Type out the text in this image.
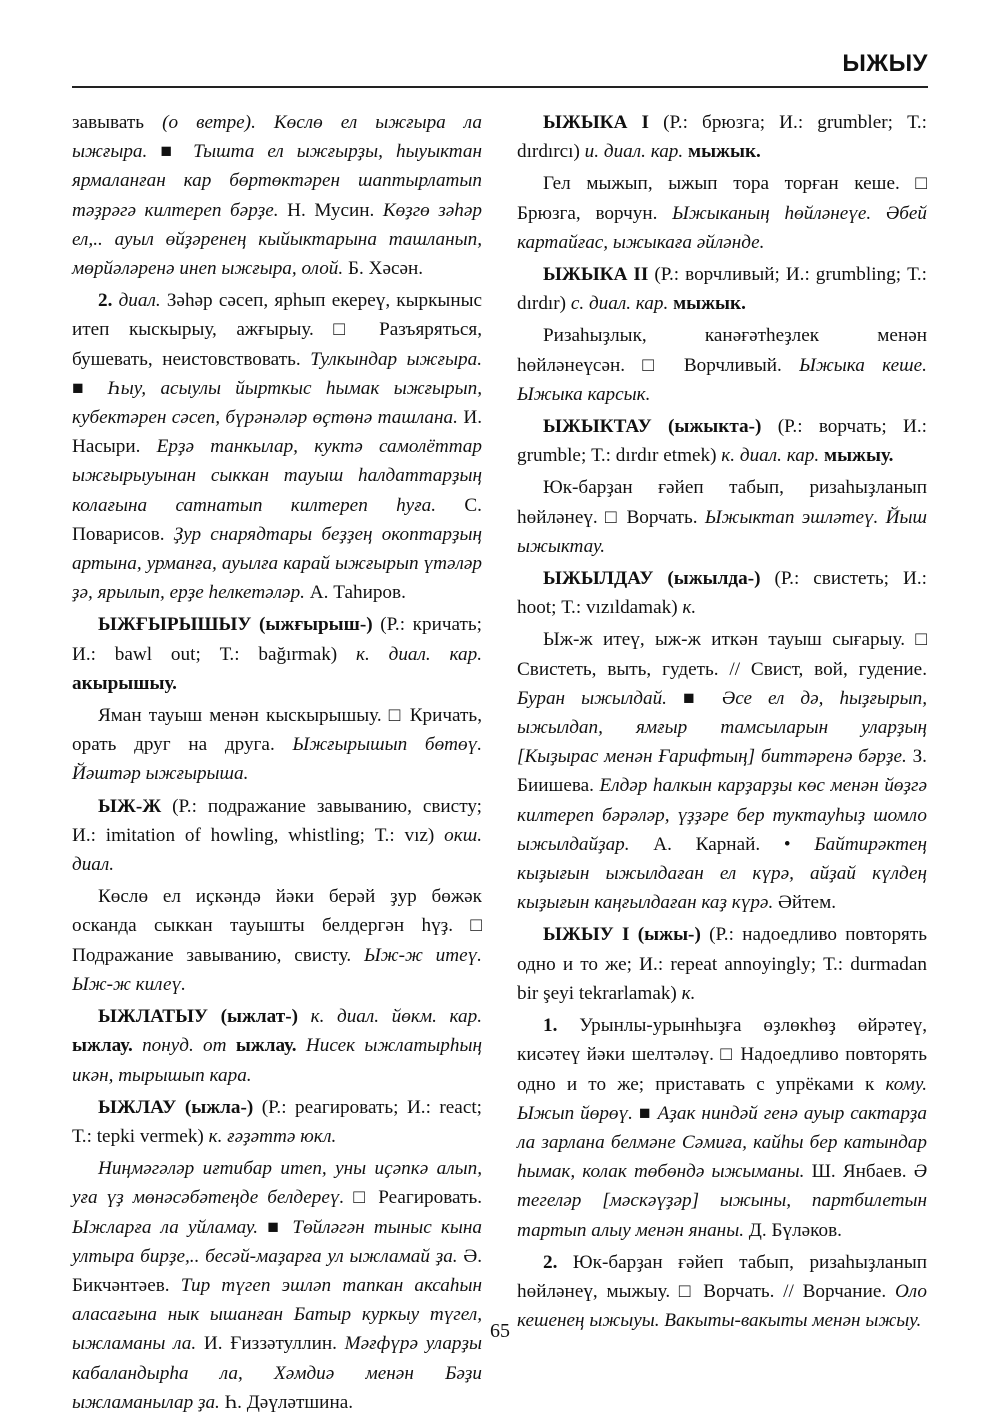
ЫЖЫУ

завывать (о ветре). Көслө ел ыжғыра ла ыжғыра. ■ Тышта ел ыжғырҙы, һыуыктан ярмаланған кар бөртөктәрен шаптырлатып тәҙрәгә килтереп бәрҙе. Н. Мусин. Көҙгө зәһәр ел,.. ауыл өйҙәренең кыйыктарына ташланып, мөрйәләренә инеп ыжғыра, олой. Б. Хәсән.

2. диал. Зәһәр сәсеп, ярһып екереү, кыркыныс итеп кыскырыу, ажғырыу. □ Разъяряться, бушевать, неистовствовать. Тулкындар ыжғыра. ■ Һыу, асыулы йырткыс һымак ыжғырып, кубектәрен сәсеп, бүрәнәләр өҫтөнә ташлана. И. Насыри. Ерҙә танкылар, куктә самолёттар ыжғырыуынан сыккан тауыш һалдаттарҙың колағына сатнатып килтереп һуға. С. Поварисов. Ҙур снарядтары беҙҙең окоптарҙың артына, урманға, ауылға карай ыжғырып үтәләр ҙә, ярылып, ерҙе һелкетәләр. А. Таһиров.

ЫЖҒЫРЫШЫУ (ыжғырыш-) (Р.: кричать; И.: bawl out; Т.: bağırmak) к. диал. кар. акырышыу.

Яман тауыш менән кыскырышыу. □ Кричать, орать друг на друга. Ыжғырышып бөтөү. Йәштәр ыжғырыша.

ЫЖ-Ж (Р.: подражание завыванию, свисту; И.: imitation of howling, whistling; Т.: vız) окш. диал.

Көслө ел иҫкәндә йәки берәй ҙур бөжәк осканда сыккан тауышты белдергән һүҙ. □ Подражание завыванию, свисту. Ыж-ж итеү. Ыж-ж килеү.

ЫЖЛАТЫУ (ыжлат-) к. диал. йөкм. кар. ыжлау. понуд. от ыжлау. Нисек ыжлатырһың икән, тырышып кара.

ЫЖЛАУ (ыжла-) (Р.: реагировать; И.: react; Т.: tepki vermek) к. ғәҙәттә юкл.

Ниңмәгәләр иғтибар итеп, уны иҫәпкә алып, уға үҙ мөнәсәбәтеңде белдереү. □ Реагировать. Ыжларға ла уйламау. ■ Төйләгән тыныс кына ултыра бирҙе,.. бесәй-маҙарға ул ыжламай ҙа. Ә. Бикчәнтәев. Тир түгеп эшләп тапкан аксаһын аласағына нык ышанған Батыр куркыу түгел, ыжламаны ла. И. Ғиззәтуллин. Мәғфүрә уларҙы кабаландырһа ла, Хәмдиә менән Бәҙи ыжламанылар ҙа. Һ. Дәүләтшина.

ЫЖЫКА I (Р.: брюзга; И.: grumbler; Т.: dırdırcı) и. диал. кар. мыжык.

Гел мыжып, ыжып тора торған кеше. □ Брюзга, ворчун. Ыжыканың һөйләнеүе. Әбей картайғас, ыжыкаға әйләнде.

ЫЖЫКА II (Р.: ворчливый; И.: grumbling; Т.: dırdır) с. диал. кар. мыжык.

Ризаһыҙлык, канәғәтһеҙлек менән һөйләнеүсән. □ Ворчливый. Ыжыка кеше. Ыжыка карсык.

ЫЖЫКТАУ (ыжыкта-) (Р.: ворчать; И.: grumble; Т.: dırdır etmek) к. диал. кар. мыжыу.

Юк-барҙан ғәйеп табып, ризаһыҙланып һөйләнеү. □ Ворчать. Ыжыктап эшләтеү. Йыш ыжыктау.

ЫЖЫЛДАУ (ыжылда-) (Р.: свистеть; И.: hoot; Т.: vızıldamak) к.

Ыж-ж итеү, ыж-ж иткән тауыш сығарыу. □ Свистеть, выть, гудеть. // Свист, вой, гудение. Буран ыжылдай. ■ Әсе ел дә, һыҙғырып, ыжылдап, ямғыр тамсыларын уларҙың [Кыҙырас менән Ғарифтың] биттәренә бәрҙе. З. Биишева. Елдәр һалкын карҙарҙы көс менән йөҙгә килтереп бәрәләр, үҙҙәре бер туктауһыҙ шомло ыжылдайҙар. А. Карнай. • Байтирәктең кыҙығын ыжылдаған ел күрә, айҙай күлдең кыҙығын каңғылдаған каҙ күрә. Әйтем.

ЫЖЫУ I (ыжы-) (Р.: надоедливо повторять одно и то же; И.: repeat annoyingly; Т.: durmadan bir şeyi tekrarlamak) к.

1. Урынлы-урынһыҙға өҙлөкһөҙ өйрәтеү, кисәтеү йәки шелтәләү. □ Надоедливо повторять одно и то же; приставать с упрёками к кому. Ыжып йөрөү. ■ Аҙак ниндәй генә ауыр сактарҙа ла зарлана белмәне Сәмиға, кайһы бер катындар һымак, колак төбөндә ыжыманы. Ш. Янбаев. Ә тегеләр [мәскәүҙәр] ыжыны, партбилетын тартып алыу менән янаны. Д. Бүләков.

2. Юк-барҙан ғәйеп табып, ризаһыҙланып һөйләнеү, мыжыу. □ Ворчать. // Ворчание. Оло кешенең ыжыуы. Вакыты-вакыты менән ыжыу.

65
